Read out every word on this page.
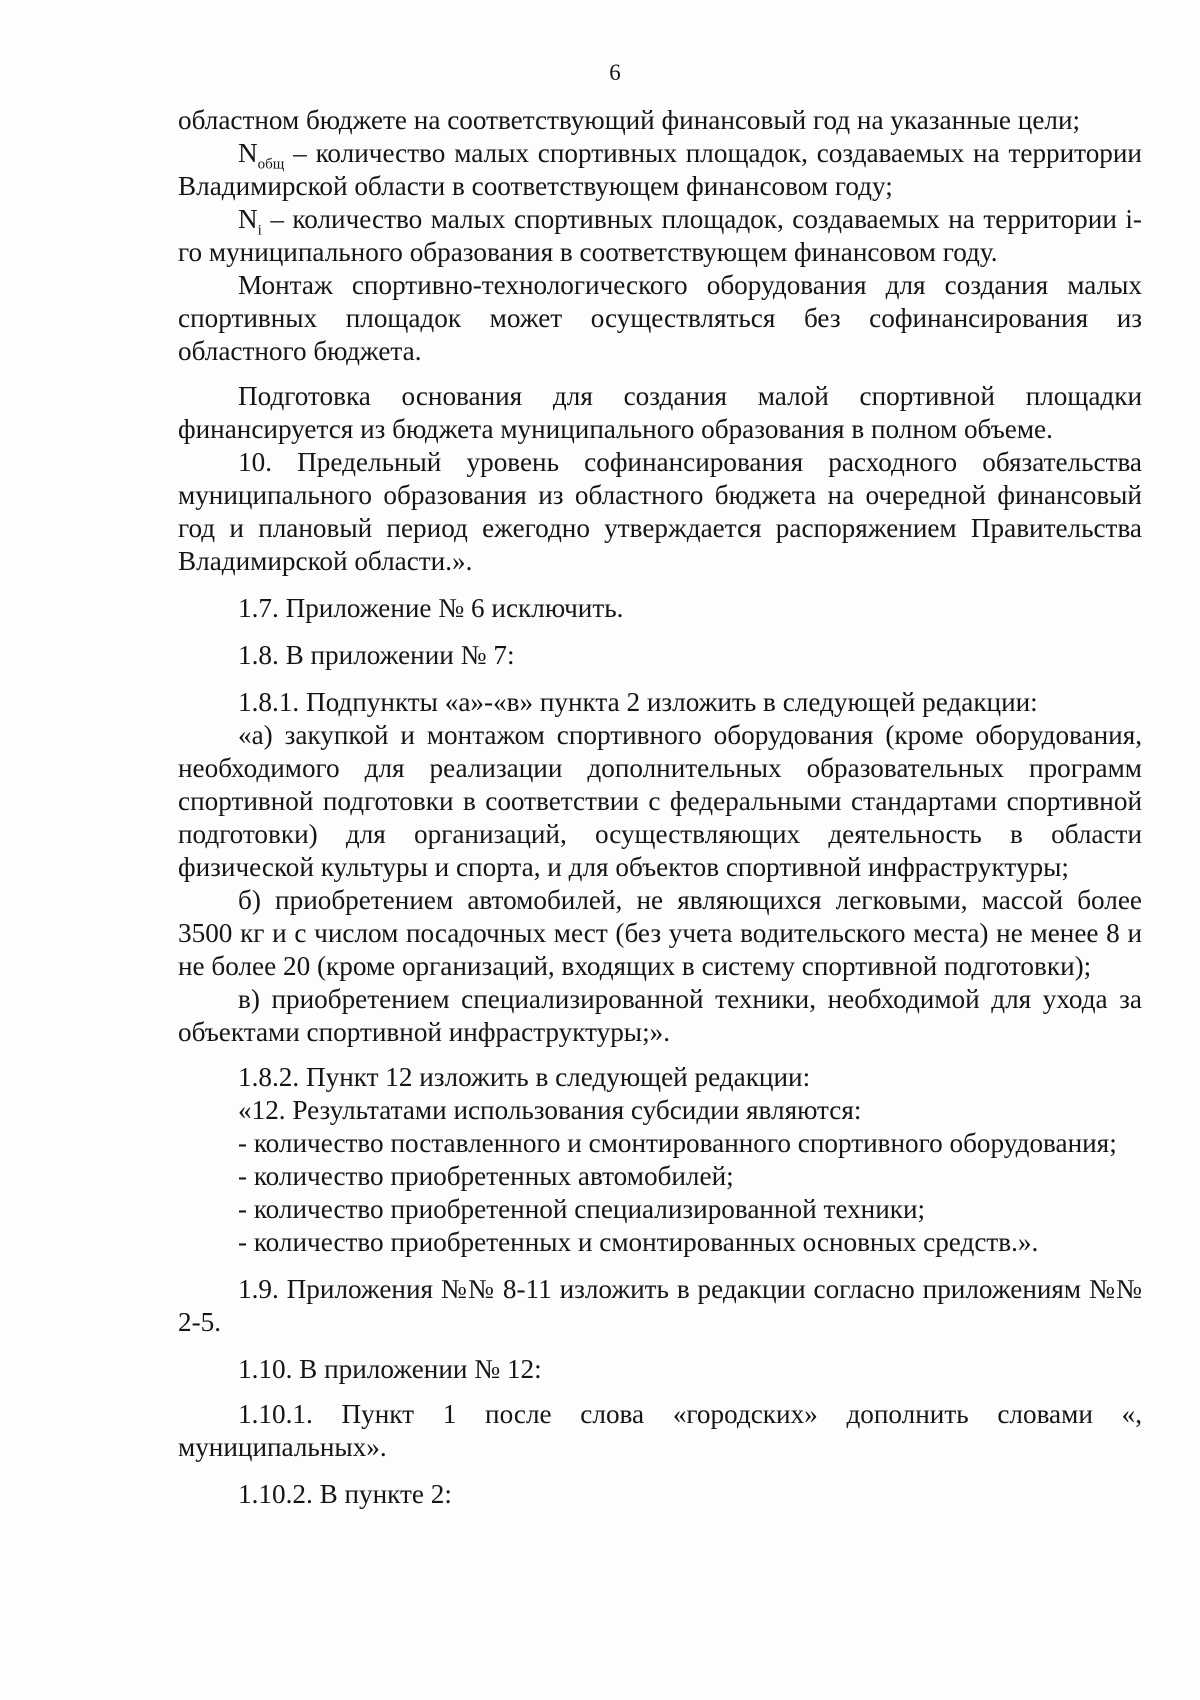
6

областном бюджете на соответствующий финансовый год на указанные цели;

$N_{общ}$ – количество малых спортивных площадок, создаваемых на территории Владимирской области в соответствующем финансовом году;

$N_i$ – количество малых спортивных площадок, создаваемых на территории i-го муниципального образования в соответствующем финансовом году.

Монтаж спортивно-технологического оборудования для создания малых спортивных площадок может осуществляться без софинансирования из областного бюджета.

Подготовка основания для создания малой спортивной площадки финансируется из бюджета муниципального образования в полном объеме.

10. Предельный уровень софинансирования расходного обязательства муниципального образования из областного бюджета на очередной финансовый год и плановый период ежегодно утверждается распоряжением Правительства Владимирской области.».

1.7. Приложение № 6 исключить.

1.8. В приложении № 7:

1.8.1. Подпункты «а»-«в» пункта 2 изложить в следующей редакции:

«а) закупкой и монтажом спортивного оборудования (кроме оборудования, необходимого для реализации дополнительных образовательных программ спортивной подготовки в соответствии с федеральными стандартами спортивной подготовки) для организаций, осуществляющих деятельность в области физической культуры и спорта, и для объектов спортивной инфраструктуры;

б) приобретением автомобилей, не являющихся легковыми, массой более 3500 кг и с числом посадочных мест (без учета водительского места) не менее 8 и не более 20 (кроме организаций, входящих в систему спортивной подготовки);

в) приобретением специализированной техники, необходимой для ухода за объектами спортивной инфраструктуры;».

1.8.2. Пункт 12 изложить в следующей редакции:

«12. Результатами использования субсидии являются:

- количество поставленного и смонтированного спортивного оборудования;

- количество приобретенных автомобилей;

- количество приобретенной специализированной техники;

- количество приобретенных и смонтированных основных средств.».

1.9. Приложения №№ 8-11 изложить в редакции согласно приложениям №№ 2-5.

1.10. В приложении № 12:

1.10.1. Пункт 1 после слова «городских» дополнить словами «, муниципальных».

1.10.2. В пункте 2:
